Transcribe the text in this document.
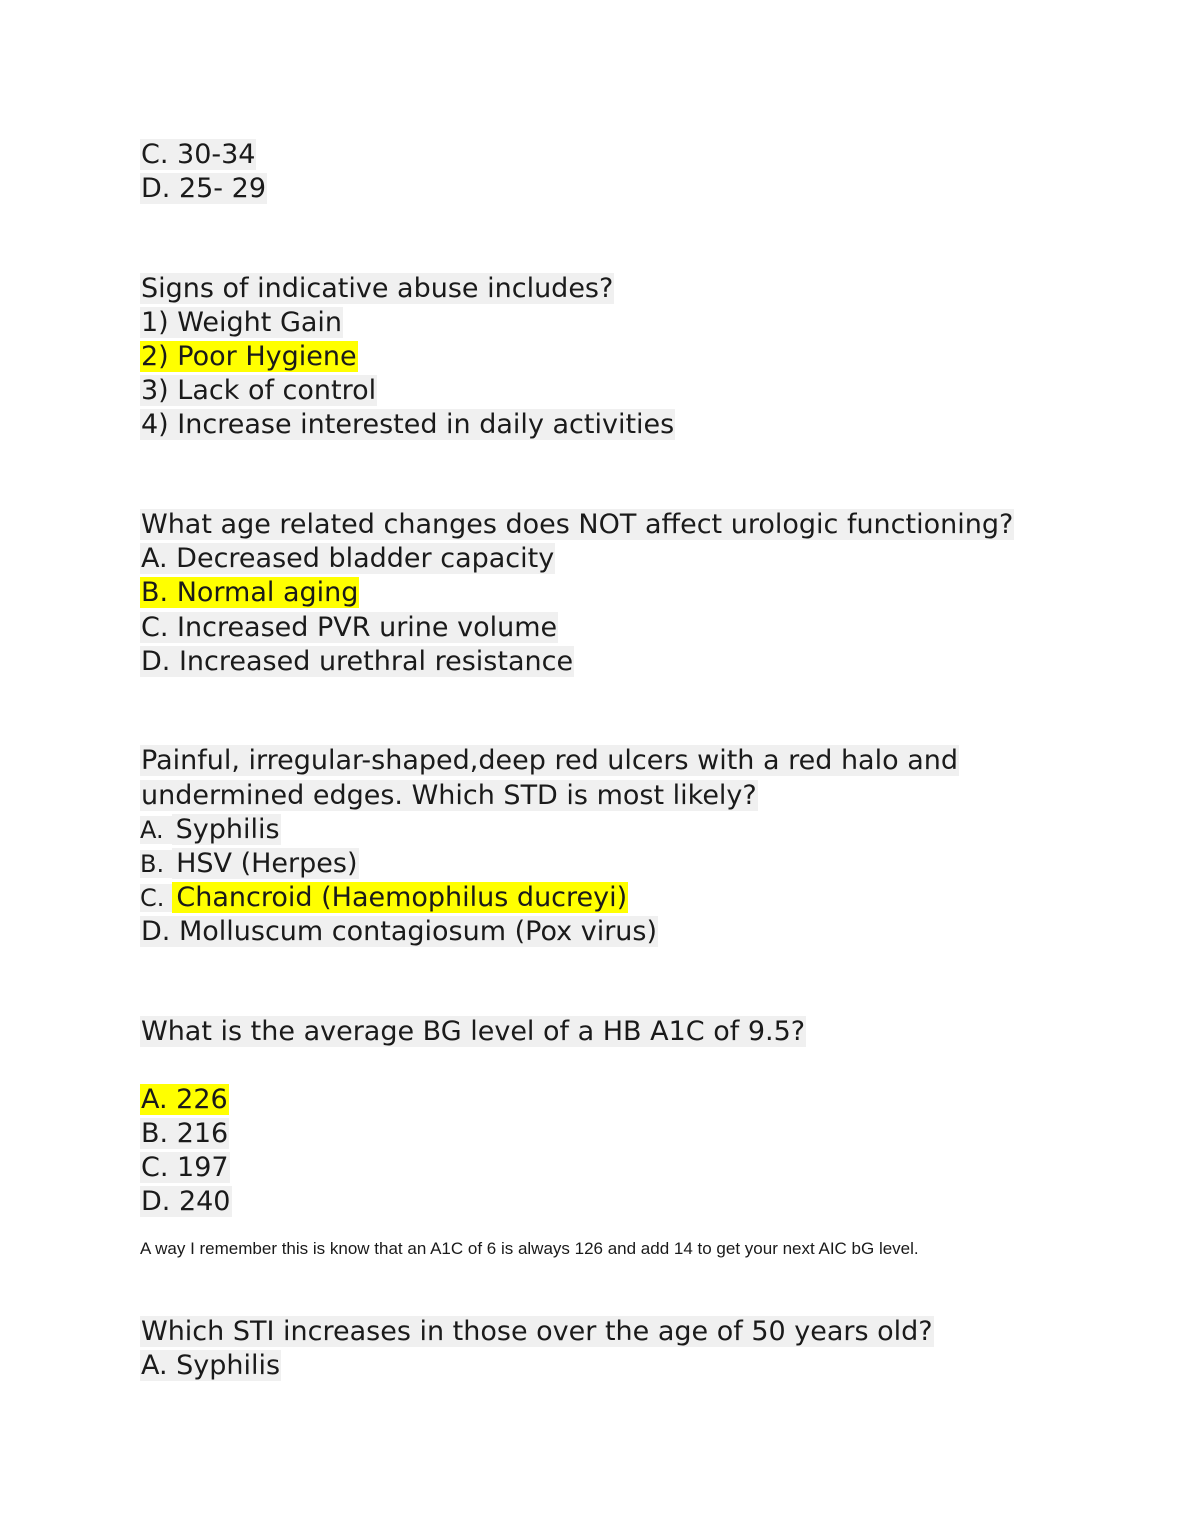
C. 30-34
D. 25- 29
Signs of indicative abuse includes?
1) Weight Gain
2) Poor Hygiene
3) Lack of control
4) Increase interested in daily activities
What age related changes does NOT affect urologic functioning?
A. Decreased bladder capacity
B. Normal aging
C. Increased PVR urine volume
D. Increased urethral resistance
Painful, irregular-shaped,deep red ulcers with a red halo and
undermined edges. Which STD is most likely?
A. Syphilis
B. HSV (Herpes)
C. Chancroid (Haemophilus ducreyi)
D. Molluscum contagiosum (Pox virus)
What is the average BG level of a HB A1C of 9.5?
A. 226
B. 216
C. 197
D. 240
A way I remember this is know that an A1C of 6 is always 126 and add 14 to get your next AIC bG level.
Which STI increases in those over the age of 50 years old?
A. Syphilis
